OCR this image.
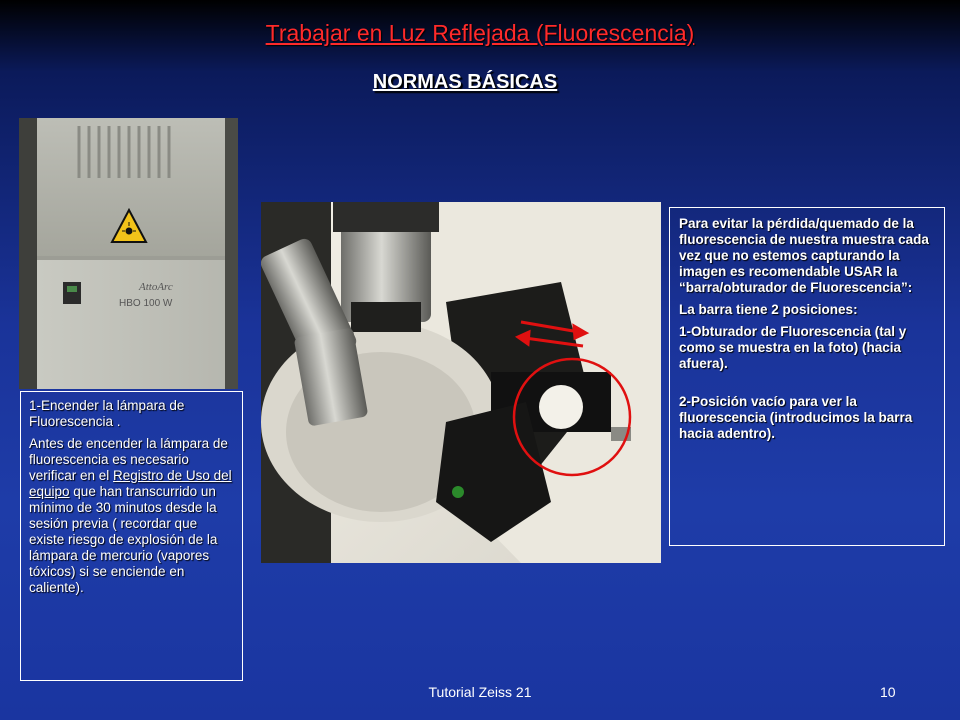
Trabajar en Luz Reflejada (Fluorescencia)
NORMAS BÁSICAS
AttoArc
HBO 100 W

1-Encender la lámpara de Fluorescencia .

Antes de encender la lámpara de fluorescencia es necesario verificar en el Registro de Uso del equipo que han transcurrido un mínimo de 30 minutos desde la sesión previa ( recordar que existe riesgo de explosión de la lámpara de mercurio (vapores tóxicos) si se enciende en caliente).

Para evitar la pérdida/quemado de la fluorescencia de nuestra muestra cada vez que no estemos capturando la imagen es recomendable USAR la “barra/obturador de Fluorescencia”:

La barra tiene 2 posiciones:

1-Obturador de Fluorescencia (tal y como se muestra en la foto) (hacia afuera).

2-Posición vacío para ver la fluorescencia (introducimos la barra hacia adentro).

Tutorial Zeiss 21	10
